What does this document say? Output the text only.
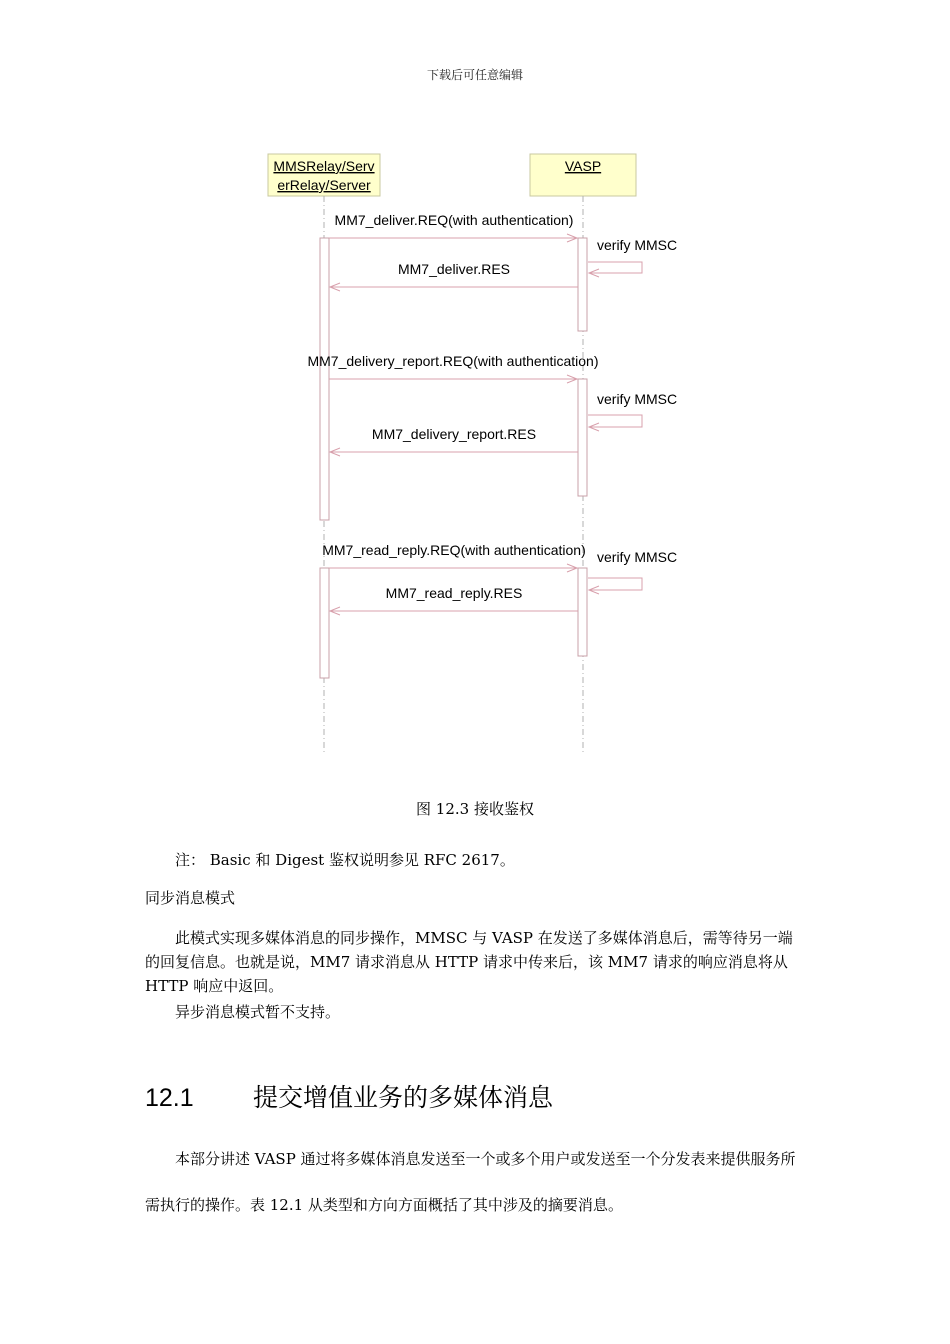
下载后可任意编辑
MMSRelay/Serv
erRelay/Server
VASP
MM7_deliver.REQ(with authentication)
verify MMSC
MM7_deliver.RES
MM7_delivery_report.REQ(with authentication)
verify MMSC
MM7_delivery_report.RES
MM7_read_reply.REQ(with authentication) verify MMSC
MM7_read_reply.RES
图 12.3 接收鉴权
注： Basic 和 Digest 鉴权说明参见 RFC 2617。
同步消息模式
此模式实现多媒体消息的同步操作，MMSC 与 VASP 在发送了多媒体消息后，需等待另一端的回复信息。也就是说，MM7 请求消息从 HTTP 请求中传来后，该 MM7 请求的响应消息将从 HTTP 响应中返回。
异步消息模式暂不支持。
12.1 提交增值业务的多媒体消息
本部分讲述 VASP 通过将多媒体消息发送至一个或多个用户或发送至一个分发表来提供服务所需执行的操作。表 12.1 从类型和方向方面概括了其中涉及的摘要消息。
